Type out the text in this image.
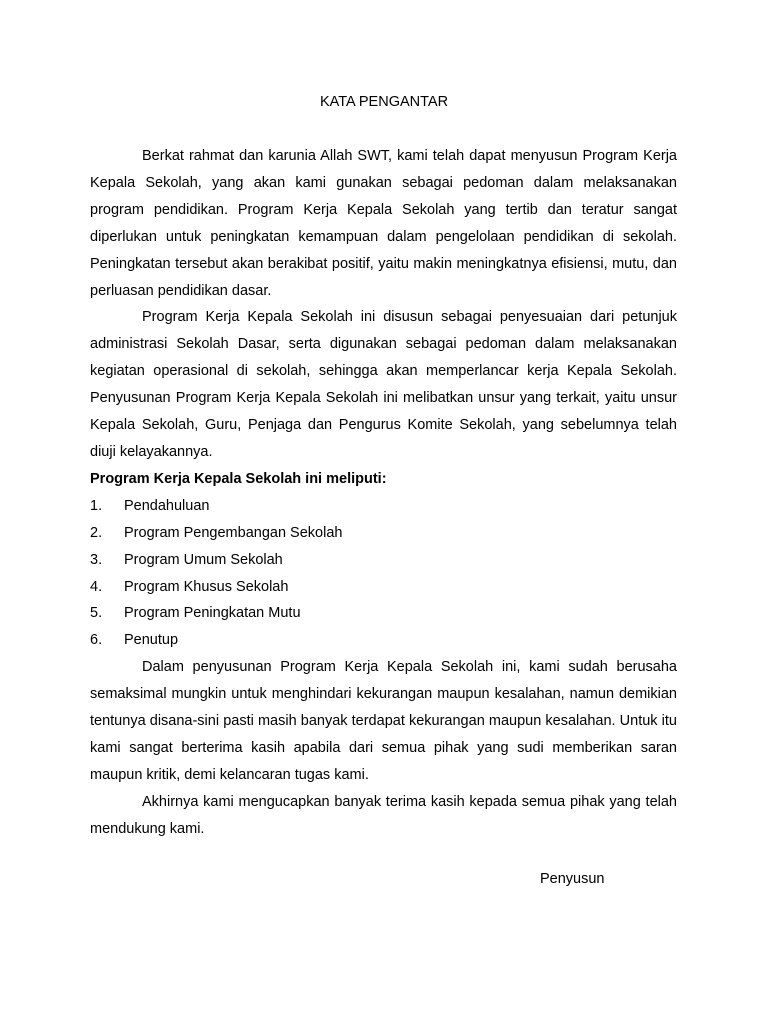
KATA PENGANTAR

Berkat rahmat dan karunia Allah SWT, kami telah dapat menyusun Program Kerja Kepala Sekolah, yang akan kami gunakan sebagai pedoman dalam melaksanakan program pendidikan. Program Kerja Kepala Sekolah yang tertib dan teratur sangat diperlukan untuk peningkatan kemampuan dalam pengelolaan pendidikan di sekolah. Peningkatan tersebut akan berakibat positif, yaitu makin meningkatnya efisiensi, mutu, dan perluasan pendidikan dasar.

Program Kerja Kepala Sekolah ini disusun sebagai penyesuaian dari petunjuk administrasi Sekolah Dasar, serta digunakan sebagai pedoman dalam melaksanakan kegiatan operasional di sekolah, sehingga akan memperlancar kerja Kepala Sekolah. Penyusunan Program Kerja Kepala Sekolah ini melibatkan unsur yang terkait, yaitu unsur Kepala Sekolah, Guru, Penjaga dan Pengurus Komite Sekolah, yang sebelumnya telah diuji kelayakannya.

Program Kerja Kepala Sekolah ini meliputi:

1.	Pendahuluan
2.	Program Pengembangan Sekolah
3.	Program Umum Sekolah
4.	Program Khusus Sekolah
5.	Program Peningkatan Mutu
6.	Penutup

Dalam penyusunan Program Kerja Kepala Sekolah ini, kami sudah berusaha semaksimal mungkin untuk menghindari kekurangan maupun kesalahan, namun demikian tentunya disana-sini pasti masih banyak terdapat kekurangan maupun kesalahan. Untuk itu kami sangat berterima kasih apabila dari semua pihak yang sudi memberikan saran maupun kritik, demi kelancaran tugas kami.

Akhirnya kami mengucapkan banyak terima kasih kepada semua pihak yang telah mendukung kami.

Penyusun
